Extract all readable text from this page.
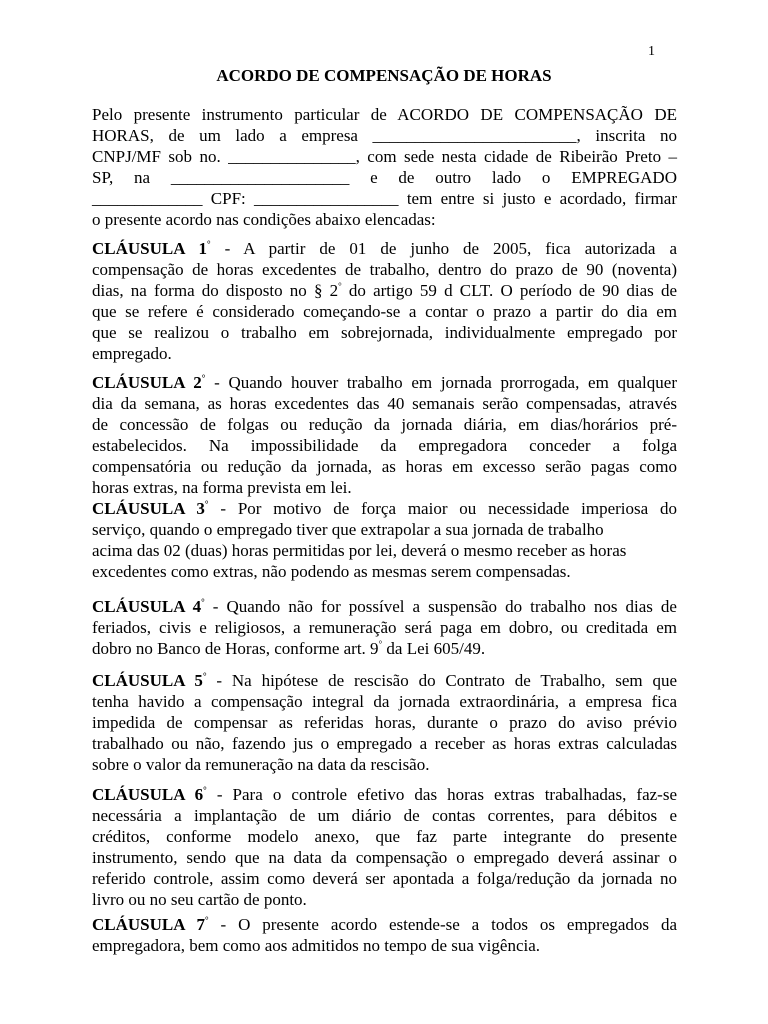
1
ACORDO DE COMPENSAÇÃO DE HORAS
Pelo presente instrumento particular de ACORDO DE COMPENSAÇÃO DE
HORAS, de um lado a empresa ________________________, inscrita no
CNPJ/MF sob no. _______________, com sede nesta cidade de Ribeirão Preto –
SP, na _____________________ e de outro lado o EMPREGADO
_____________ CPF: _________________ tem entre si justo e acordado, firmar
o presente acordo nas condições abaixo elencadas:
CLÁUSULA 1° - A partir de 01 de junho de 2005, fica autorizada a
compensação de horas excedentes de trabalho, dentro do prazo de 90 (noventa)
dias, na forma do disposto no § 2° do artigo 59 d CLT. O período de 90 dias de
que se refere é considerado começando-se a contar o prazo a partir do dia em
que se realizou o trabalho em sobrejornada, individualmente empregado por
empregado.
CLÁUSULA 2° - Quando houver trabalho em jornada prorrogada, em qualquer
dia da semana, as horas excedentes das 40 semanais serão compensadas, através
de concessão de folgas ou redução da jornada diária, em dias/horários pré-
estabelecidos. Na impossibilidade da empregadora conceder a folga
compensatória ou redução da jornada, as horas em excesso serão pagas como
horas extras, na forma prevista em lei.
CLÁUSULA 3° - Por motivo de força maior ou necessidade imperiosa do
serviço, quando o empregado tiver que extrapolar a sua jornada de trabalho
acima das 02 (duas) horas permitidas por lei, deverá o mesmo receber as horas
excedentes como extras, não podendo as mesmas serem compensadas.
CLÁUSULA 4° - Quando não for possível a suspensão do trabalho nos dias de
feriados, civis e religiosos, a remuneração será paga em dobro, ou creditada em
dobro no Banco de Horas, conforme art. 9° da Lei 605/49.
CLÁUSULA 5° - Na hipótese de rescisão do Contrato de Trabalho, sem que
tenha havido a compensação integral da jornada extraordinária, a empresa fica
impedida de compensar as referidas horas, durante o prazo do aviso prévio
trabalhado ou não, fazendo jus o empregado a receber as horas extras calculadas
sobre o valor da remuneração na data da rescisão.
CLÁUSULA 6° - Para o controle efetivo das horas extras trabalhadas, faz-se
necessária a implantação de um diário de contas correntes, para débitos e
créditos, conforme modelo anexo, que faz parte integrante do presente
instrumento, sendo que na data da compensação o empregado deverá assinar o
referido controle, assim como deverá ser apontada a folga/redução da jornada no
livro ou no seu cartão de ponto.
CLÁUSULA 7° - O presente acordo estende-se a todos os empregados da
empregadora, bem como aos admitidos no tempo de sua vigência.
